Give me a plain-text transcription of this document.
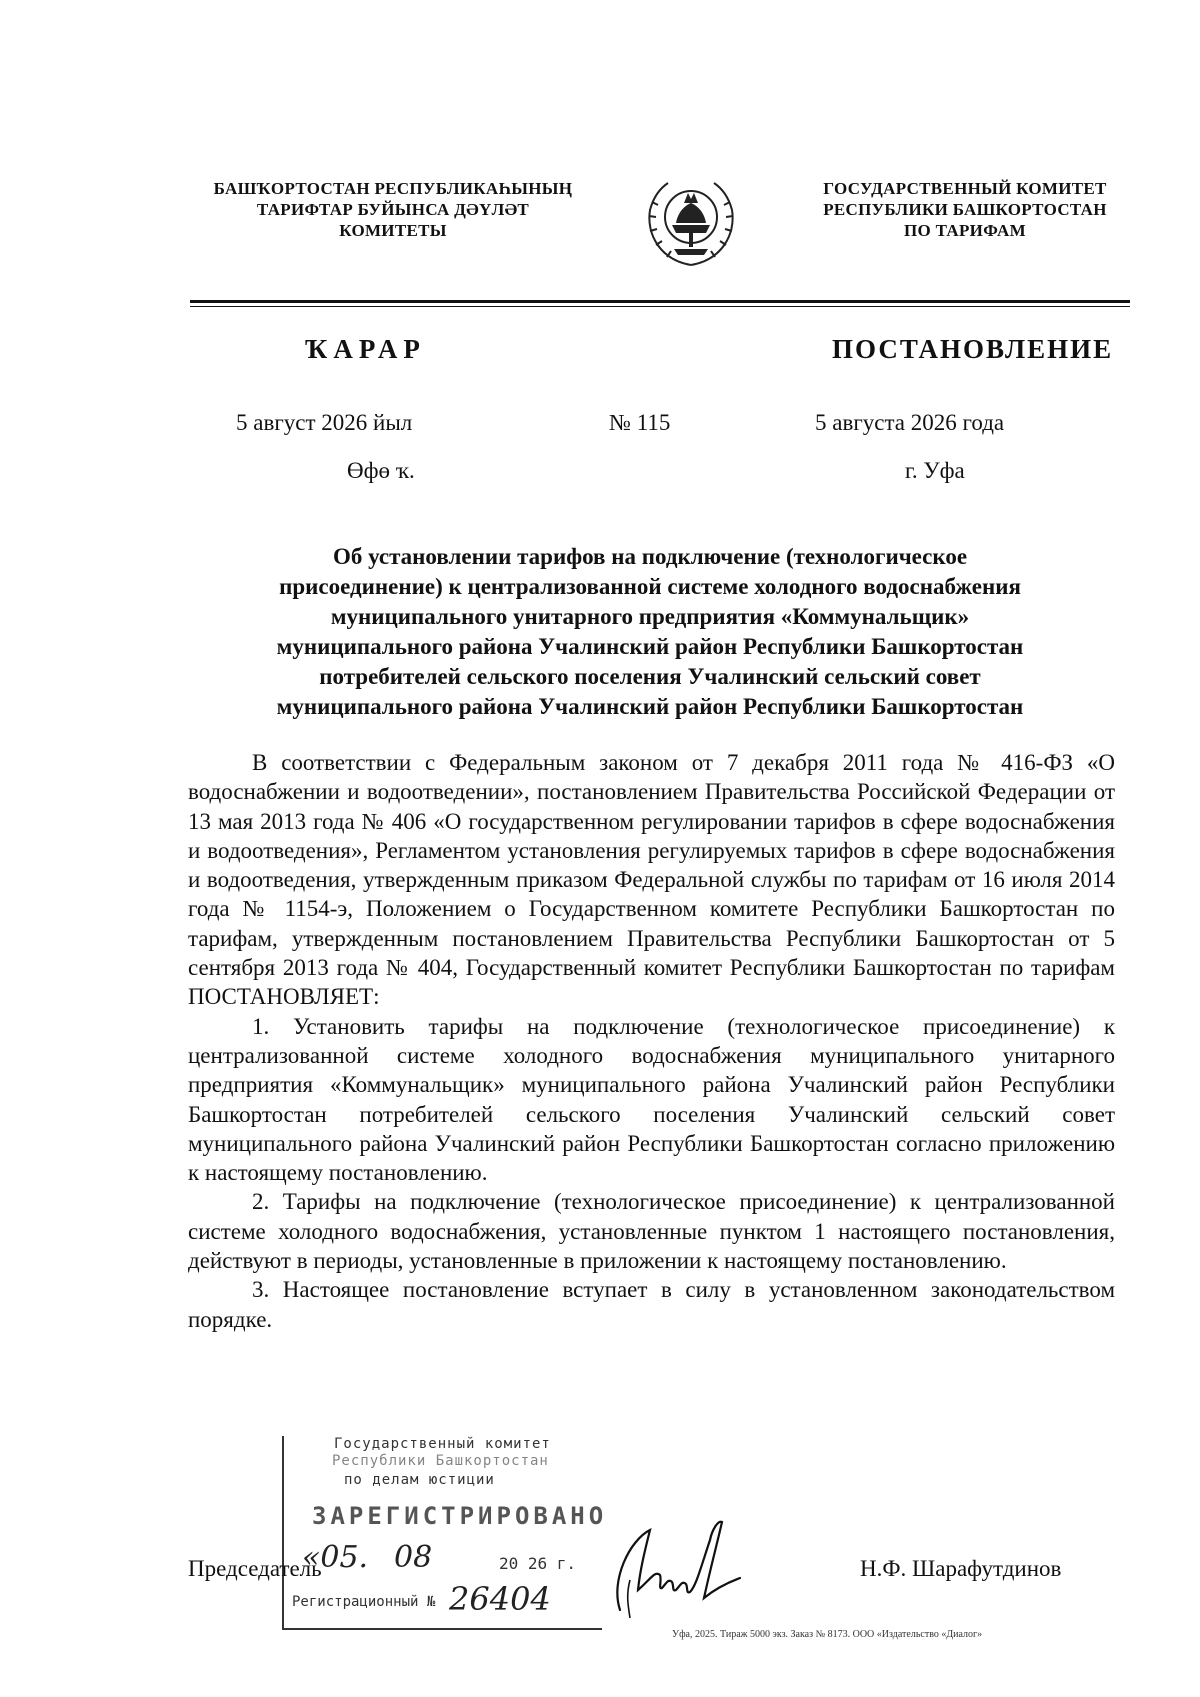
БАШҠОРТОСТАН РЕСПУБЛИКАҺЫНЫҢ
ТАРИФТАР БУЙЫНСА ДӘҮЛӘТ
КОМИТЕТЫ
ГОСУДАРСТВЕННЫЙ КОМИТЕТ
РЕСПУБЛИКИ БАШКОРТОСТАН
ПО ТАРИФАМ
ҠАРАР	ПОСТАНОВЛЕНИЕ
5 август 2026 йыл	№ 115	5 августа 2026 года
Өфө ҡ.	г. Уфа
Об установлении тарифов на подключение (технологическое
присоединение) к централизованной системе холодного водоснабжения
муниципального унитарного предприятия «Коммунальщик»
муниципального района Учалинский район Республики Башкортостан
потребителей сельского поселения Учалинский сельский совет
муниципального района Учалинский район Республики Башкортостан

В соответствии с Федеральным законом от 7 декабря 2011 года № 416-ФЗ «О водоснабжении и водоотведении», постановлением Правительства Российской Федерации от 13 мая 2013 года № 406 «О государственном регулировании тарифов в сфере водоснабжения и водоотведения», Регламентом установления регулируемых тарифов в сфере водоснабжения и водоотведения, утвержденным приказом Федеральной службы по тарифам от 16 июля 2014 года № 1154-э, Положением о Государственном комитете Республики Башкортостан по тарифам, утвержденным постановлением Правительства Республики Башкортостан от 5 сентября 2013 года № 404, Государственный комитет Республики Башкортостан по тарифам ПОСТАНОВЛЯЕТ:

1. Установить тарифы на подключение (технологическое присоединение) к централизованной системе холодного водоснабжения муниципального унитарного предприятия «Коммунальщик» муниципального района Учалинский район Республики Башкортостан потребителей сельского поселения Учалинский сельский совет муниципального района Учалинский район Республики Башкортостан согласно приложению к настоящему постановлению.

2. Тарифы на подключение (технологическое присоединение) к централизованной системе холодного водоснабжения, установленные пунктом 1 настоящего постановления, действуют в периоды, установленные в приложении к настоящему постановлению.

3. Настоящее постановление вступает в силу в установленном законодательством порядке.

Государственный комитет
Республики Башкортостан
по делам юстиции
ЗАРЕГИСТРИРОВАНО
«05. 08	20 26 г.
Регистрационный № 26404
Председатель	Н.Ф. Шарафутдинов
Уфа, 2025. Тираж 5000 экз. Заказ № 8173. ООО «Издательство «Диалог»
